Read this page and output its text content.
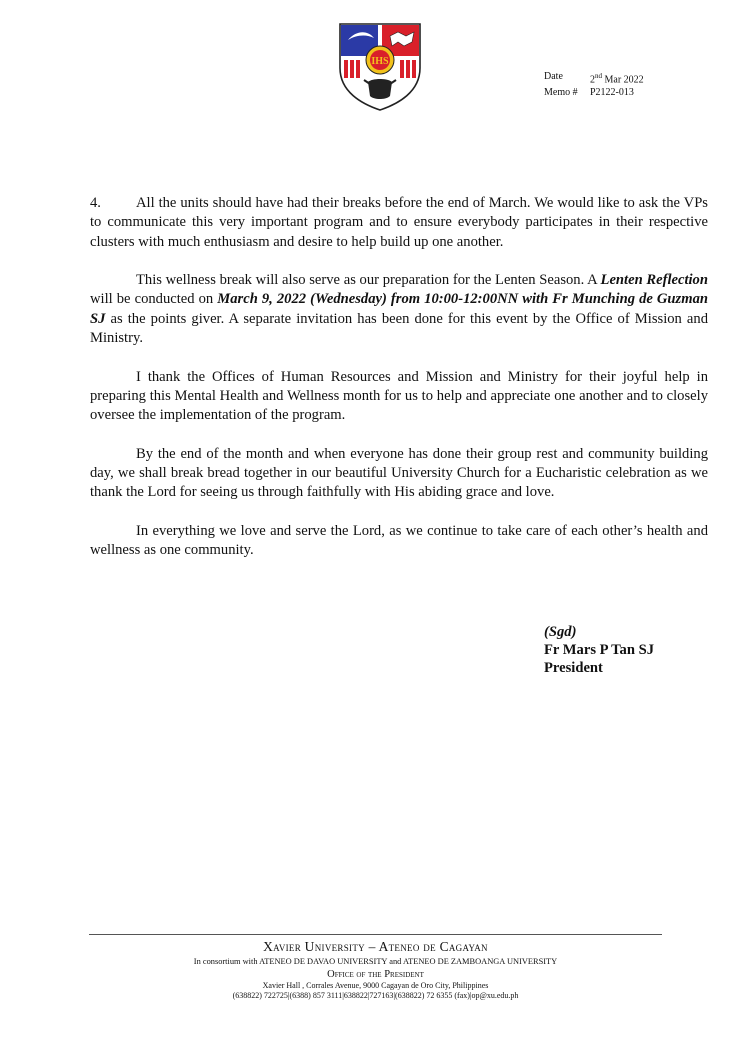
IHS
Date	2nd Mar 2022
Memo #	P2122-013

4. All the units should have had their breaks before the end of March. We would like to ask the VPs to communicate this very important program and to ensure everybody participates in their respective clusters with much enthusiasm and desire to help build up one another.

This wellness break will also serve as our preparation for the Lenten Season. A Lenten Reflection will be conducted on March 9, 2022 (Wednesday) from 10:00-12:00NN with Fr Munching de Guzman SJ as the points giver. A separate invitation has been done for this event by the Office of Mission and Ministry.

I thank the Offices of Human Resources and Mission and Ministry for their joyful help in preparing this Mental Health and Wellness month for us to help and appreciate one another and to closely oversee the implementation of the program.

By the end of the month and when everyone has done their group rest and community building day, we shall break bread together in our beautiful University Church for a Eucharistic celebration as we thank the Lord for seeing us through faithfully with His abiding grace and love.

In everything we love and serve the Lord, as we continue to take care of each other’s health and wellness as one community.

(Sgd)
Fr Mars P Tan SJ
President
Xavier University – Ateneo de Cagayan
In consortium with ATENEO DE DAVAO UNIVERSITY and ATENEO DE ZAMBOANGA UNIVERSITY
Office of the President
Xavier Hall , Corrales Avenue, 9000 Cagayan de Oro City, Philippines
(638822) 722725|(6388) 857 3111|638822|727163|(638822) 72 6355 (fax)|op@xu.edu.ph
